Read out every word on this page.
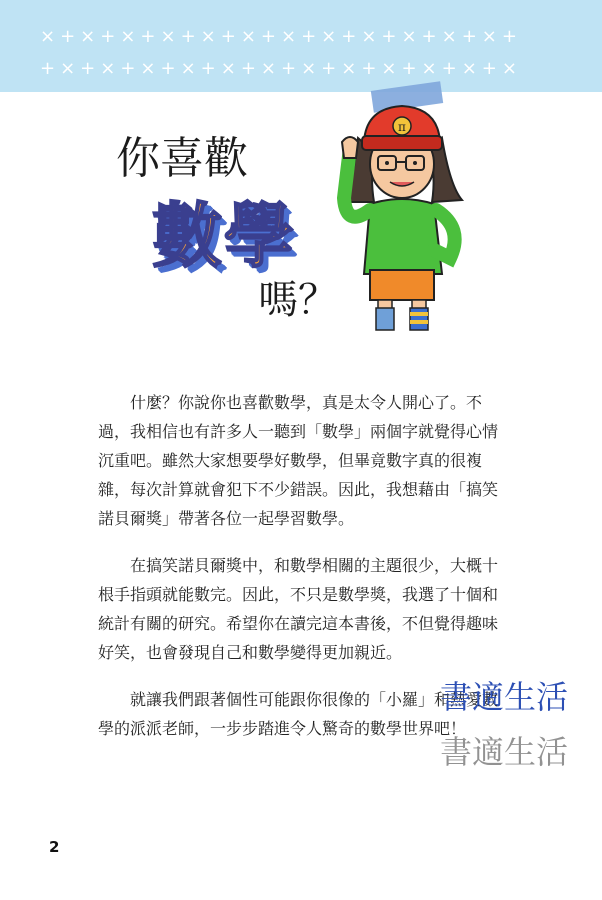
×+×+×+×+×+×+×+×+×+×+×+×+
+×+×+×+×+×+×+×+×+×+×+×+×
你喜歡
數學
嗎？
π

什麼？你說你也喜歡數學，真是太令人開心了。不過，我相信也有許多人一聽到「數學」兩個字就覺得心情沉重吧。雖然大家想要學好數學，但畢竟數字真的很複雜，每次計算就會犯下不少錯誤。因此，我想藉由「搞笑諾貝爾獎」帶著各位一起學習數學。

在搞笑諾貝爾獎中，和數學相關的主題很少，大概十根手指頭就能數完。因此，不只是數學獎，我選了十個和統計有關的研究。希望你在讀完這本書後，不但覺得趣味好笑，也會發現自己和數學變得更加親近。

就讓我們跟著個性可能跟你很像的「小羅」和熱愛數學的派派老師，一步步踏進令人驚奇的數學世界吧！

書適生活
書適生活
2
